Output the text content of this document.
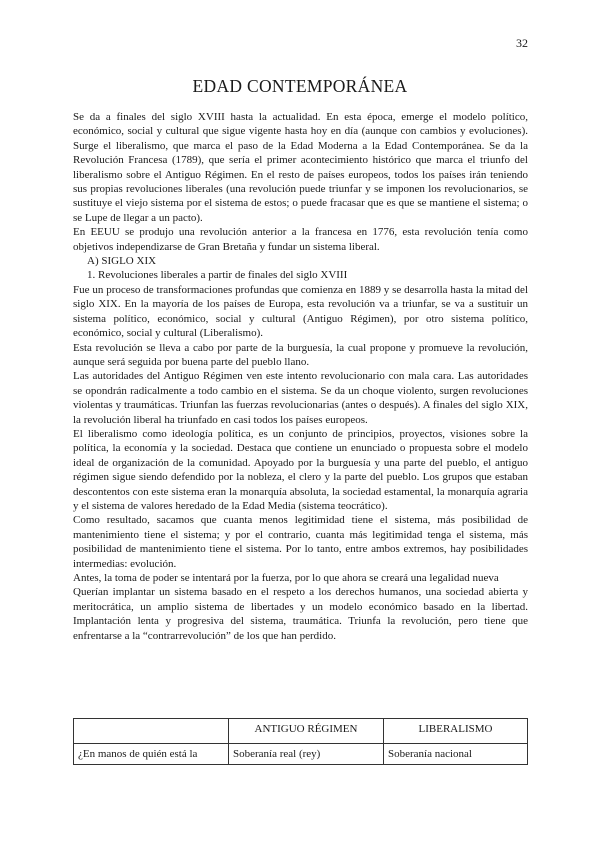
32
EDAD CONTEMPORÁNEA

Se da a finales del siglo XVIII hasta la actualidad. En esta época, emerge el modelo político, económico, social y cultural que sigue vigente hasta hoy en día (aunque con cambios y evoluciones). Surge el liberalismo, que marca el paso de la Edad Moderna a la Edad Contemporánea. Se da la Revolución Francesa (1789), que sería el primer acontecimiento histórico que marca el triunfo del liberalismo sobre el Antiguo Régimen. En el resto de países europeos, todos los países irán teniendo sus propias revoluciones liberales (una revolución puede triunfar y se imponen los revolucionarios, se sustituye el viejo sistema por el sistema de estos; o puede fracasar que es que se mantiene el sistema; o se Lupe de llegar a un pacto).

En EEUU se produjo una revolución anterior a la francesa en 1776, esta revolución tenía como objetivos independizarse de Gran Bretaña y fundar un sistema liberal.

A) SIGLO XIX

1. Revoluciones liberales a partir de finales del siglo XVIII

Fue un proceso de transformaciones profundas que comienza en 1889 y se desarrolla hasta la mitad del siglo XIX. En la mayoría de los países de Europa, esta revolución va a triunfar, se va a sustituir un sistema político, económico, social y cultural (Antiguo Régimen), por otro sistema político, económico, social y cultural (Liberalismo).

Esta revolución se lleva a cabo por parte de la burguesía, la cual propone y promueve la revolución, aunque será seguida por buena parte del pueblo llano.

Las autoridades del Antiguo Régimen ven este intento revolucionario con mala cara. Las autoridades se opondrán radicalmente a todo cambio en el sistema. Se da un choque violento, surgen revoluciones violentas y traumáticas. Triunfan las fuerzas revolucionarias (antes o después). A finales del siglo XIX, la revolución liberal ha triunfado en casi todos los países europeos.

El liberalismo como ideología política, es un conjunto de principios, proyectos, visiones sobre la política, la economía y la sociedad. Destaca que contiene un enunciado o propuesta sobre el modelo ideal de organización de la comunidad. Apoyado por la burguesía y una parte del pueblo, el antiguo régimen sigue siendo defendido por la nobleza, el clero y la parte del pueblo. Los grupos que estaban descontentos con este sistema eran la monarquía absoluta, la sociedad estamental, la monarquía agraria y el sistema de valores heredado de la Edad Media (sistema teocrático).

Como resultado, sacamos que cuanta menos legitimidad tiene el sistema, más posibilidad de mantenimiento tiene el sistema; y por el contrario, cuanta más legitimidad tenga el sistema, más posibilidad de mantenimiento tiene el sistema. Por lo tanto, entre ambos extremos, hay posibilidades intermedias: evolución.

Antes, la toma de poder se intentará por la fuerza, por lo que ahora se creará una legalidad nueva

Querían implantar un sistema basado en el respeto a los derechos humanos, una sociedad abierta y meritocrática, un amplio sistema de libertades y un modelo económico basado en la libertad. Implantación lenta y progresiva del sistema, traumática. Triunfa la revolución, pero tiene que enfrentarse a la “contrarrevolución” de los que han perdido.

	ANTIGUO RÉGIMEN	LIBERALISMO
¿En manos de quién está la	Soberanía real (rey)	Soberanía nacional
